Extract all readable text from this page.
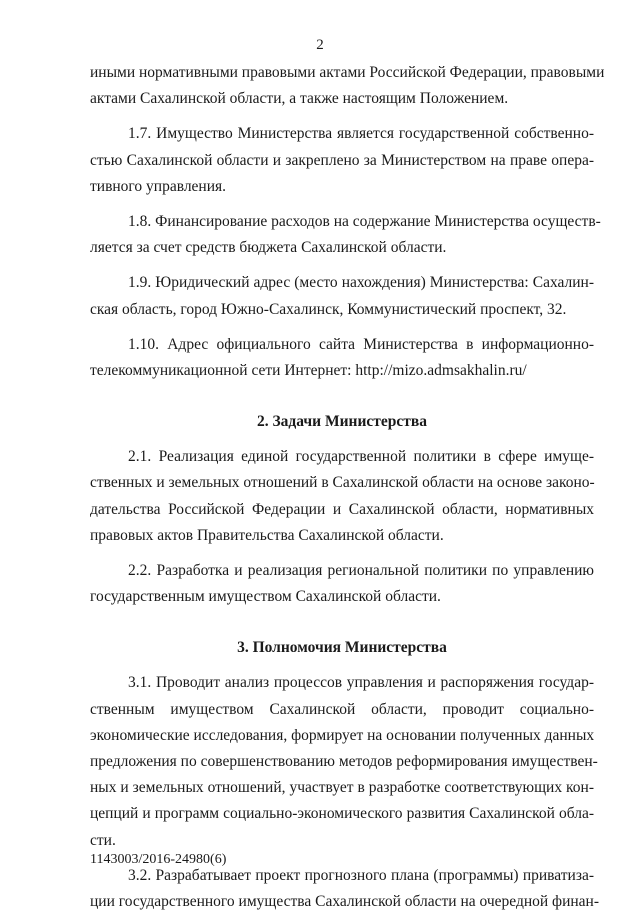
2
иными нормативными правовыми актами Российской Федерации, правовыми
актами Сахалинской области, а также настоящим Положением.
1.7. Имущество Министерства является государственной собственно-
стью Сахалинской области и закреплено за Министерством на праве опера-
тивного управления.
1.8. Финансирование расходов на содержание Министерства осуществ-
ляется за счет средств бюджета Сахалинской области.
1.9. Юридический адрес (место нахождения) Министерства: Сахалин-
ская область, город Южно-Сахалинск, Коммунистический проспект, 32.
1.10. Адрес официального сайта Министерства в информационно-
телекоммуникационной сети Интернет: http://mizo.admsakhalin.ru/
2. Задачи Министерства
2.1. Реализация единой государственной политики в сфере имуще-
ственных и земельных отношений в Сахалинской области на основе законо-
дательства Российской Федерации и Сахалинской области, нормативных
правовых актов Правительства Сахалинской области.
2.2. Разработка и реализация региональной политики по управлению
государственным имуществом Сахалинской области.
3. Полномочия Министерства
3.1. Проводит анализ процессов управления и распоряжения государ-
ственным имуществом Сахалинской области, проводит социально-
экономические исследования, формирует на основании полученных данных
предложения по совершенствованию методов реформирования имуществен-
ных и земельных отношений, участвует в разработке соответствующих кон-
цепций и программ социально-экономического развития Сахалинской обла-
сти.
3.2. Разрабатывает проект прогнозного плана (программы) приватиза-
ции государственного имущества Сахалинской области на очередной финан-
1143003/2016-24980(6)
